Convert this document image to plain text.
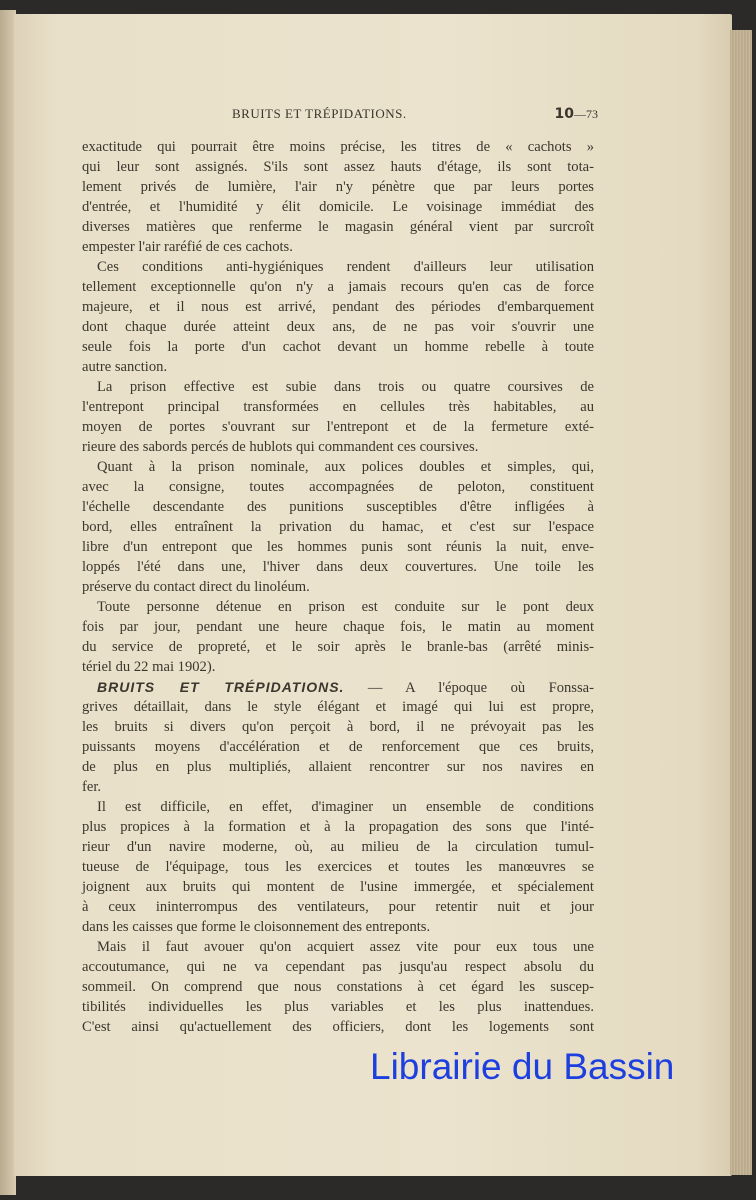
BRUITS ET TRÉPIDATIONS.	10—73
exactitude qui pourrait être moins précise, les titres de « cachots »
qui leur sont assignés. S'ils sont assez hauts d'étage, ils sont tota-
lement privés de lumière, l'air n'y pénètre que par leurs portes
d'entrée, et l'humidité y élit domicile. Le voisinage immédiat des
diverses matières que renferme le magasin général vient par surcroît
empester l'air raréfié de ces cachots.
Ces conditions anti-hygiéniques rendent d'ailleurs leur utilisation
tellement exceptionnelle qu'on n'y a jamais recours qu'en cas de force
majeure, et il nous est arrivé, pendant des périodes d'embarquement
dont chaque durée atteint deux ans, de ne pas voir s'ouvrir une
seule fois la porte d'un cachot devant un homme rebelle à toute
autre sanction.
La prison effective est subie dans trois ou quatre coursives de
l'entrepont principal transformées en cellules très habitables, au
moyen de portes s'ouvrant sur l'entrepont et de la fermeture exté-
rieure des sabords percés de hublots qui commandent ces coursives.
Quant à la prison nominale, aux polices doubles et simples, qui,
avec la consigne, toutes accompagnées de peloton, constituent
l'échelle descendante des punitions susceptibles d'être infligées à
bord, elles entraînent la privation du hamac, et c'est sur l'espace
libre d'un entrepont que les hommes punis sont réunis la nuit, enve-
loppés l'été dans une, l'hiver dans deux couvertures. Une toile les
préserve du contact direct du linoléum.
Toute personne détenue en prison est conduite sur le pont deux
fois par jour, pendant une heure chaque fois, le matin au moment
du service de propreté, et le soir après le branle-bas (arrêté minis-
tériel du 22 mai 1902).
BRUITS ET TRÉPIDATIONS. — A l'époque où Fonssa-
grives détaillait, dans le style élégant et imagé qui lui est propre,
les bruits si divers qu'on perçoit à bord, il ne prévoyait pas les
puissants moyens d'accélération et de renforcement que ces bruits,
de plus en plus multipliés, allaient rencontrer sur nos navires en
fer.
Il est difficile, en effet, d'imaginer un ensemble de conditions
plus propices à la formation et à la propagation des sons que l'inté-
rieur d'un navire moderne, où, au milieu de la circulation tumul-
tueuse de l'équipage, tous les exercices et toutes les manœuvres se
joignent aux bruits qui montent de l'usine immergée, et spécialement
à ceux ininterrompus des ventilateurs, pour retentir nuit et jour
dans les caisses que forme le cloisonnement des entreponts.
Mais il faut avouer qu'on acquiert assez vite pour eux tous une
accoutumance, qui ne va cependant pas jusqu'au respect absolu du
sommeil. On comprend que nous constations à cet égard les suscep-
tibilités individuelles les plus variables et les plus inattendues.
C'est ainsi qu'actuellement des officiers, dont les logements sont
Librairie du Bassin
